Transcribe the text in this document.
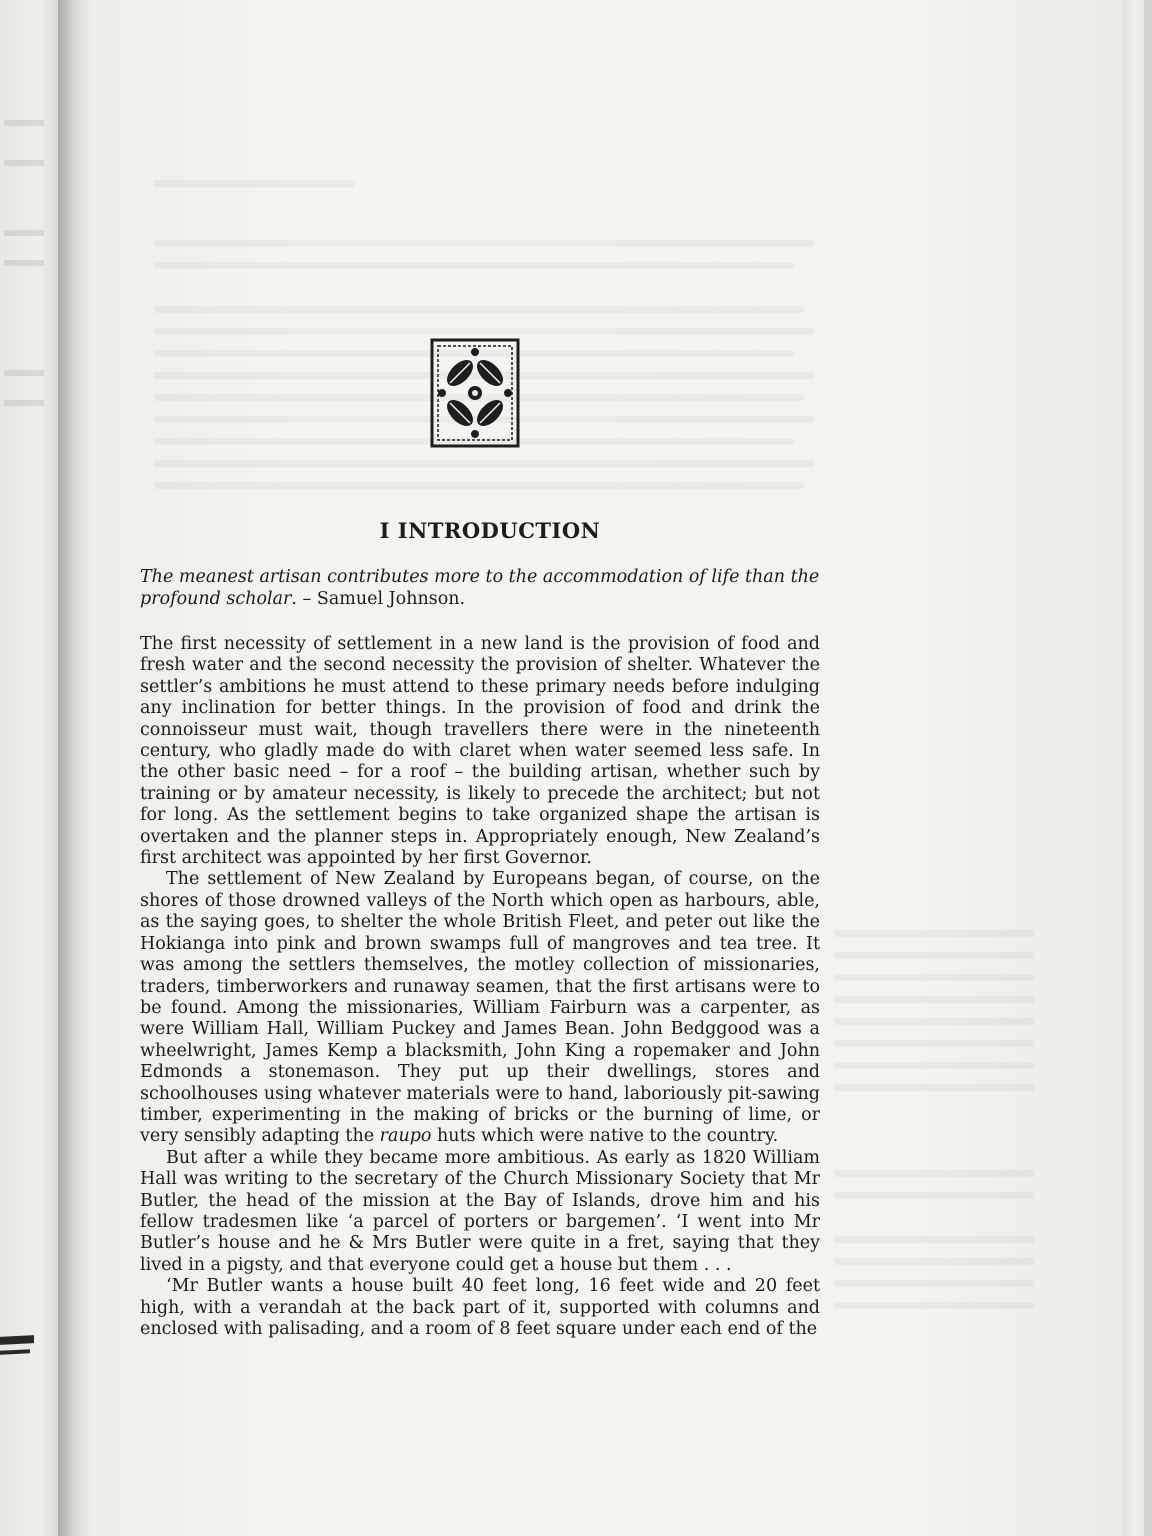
I INTRODUCTION
The meanest artisan contributes more to the accommodation of life than the profound scholar. – Samuel Johnson.

The first necessity of settlement in a new land is the provision of food and fresh water and the second necessity the provision of shelter. Whatever the settler’s ambitions he must attend to these primary needs before indulging any inclination for better things. In the provision of food and drink the connoisseur must wait, though travellers there were in the nineteenth century, who gladly made do with claret when water seemed less safe. In the other basic need – for a roof – the building artisan, whether such by training or by amateur necessity, is likely to precede the architect; but not for long. As the settlement begins to take organized shape the artisan is overtaken and the planner steps in. Appropriately enough, New Zealand’s first architect was appointed by her first Governor.

The settlement of New Zealand by Europeans began, of course, on the shores of those drowned valleys of the North which open as harbours, able, as the saying goes, to shelter the whole British Fleet, and peter out like the Hokianga into pink and brown swamps full of mangroves and tea tree. It was among the settlers themselves, the motley collection of missionaries, traders, timberworkers and runaway seamen, that the first artisans were to be found. Among the missionaries, William Fairburn was a carpenter, as were William Hall, William Puckey and James Bean. John Bedggood was a wheelwright, James Kemp a blacksmith, John King a ropemaker and John Edmonds a stonemason. They put up their dwellings, stores and schoolhouses using whatever materials were to hand, laboriously pit-sawing timber, experimenting in the making of bricks or the burning of lime, or very sensibly adapting the raupo huts which were native to the country.

But after a while they became more ambitious. As early as 1820 William Hall was writing to the secretary of the Church Missionary Society that Mr Butler, the head of the mission at the Bay of Islands, drove him and his fellow tradesmen like ‘a parcel of porters or bargemen’. ‘I went into Mr Butler’s house and he & Mrs Butler were quite in a fret, saying that they lived in a pigsty, and that everyone could get a house but them . . .

‘Mr Butler wants a house built 40 feet long, 16 feet wide and 20 feet high, with a verandah at the back part of it, supported with columns and enclosed with palisading, and a room of 8 feet square under each end of the
